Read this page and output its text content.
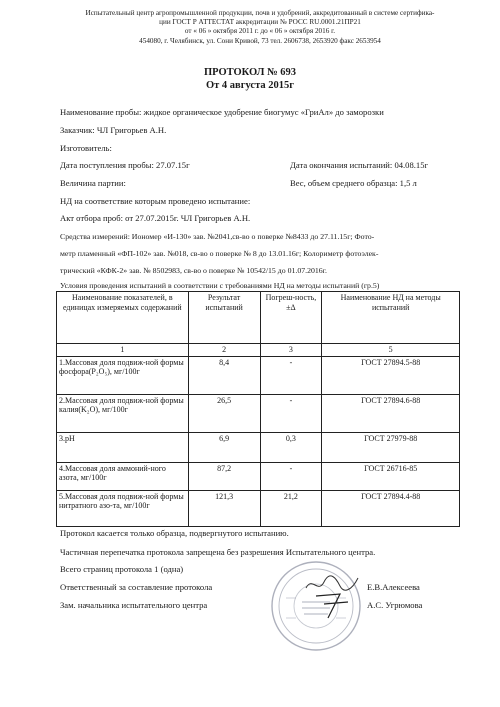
Испытательный центр агропромышленной продукции, почв и удобрений, аккредитованный в системе сертифика-
ции ГОСТ Р АТТЕСТАТ аккредитации № РОСС RU.0001.21ПР21
от « 06 » октября 2011 г. до « 06 » октября 2016 г.
454080, г. Челябинск, ул. Сони Кривой, 73 тел. 2606738, 2653920 факс 2653954
ПРОТОКОЛ № 693
От 4 августа 2015г
Наименование пробы: жидкое органическое удобрение биогумус «ГриАл» до заморозки
Заказчик: ЧЛ Григорьев А.Н.
Изготовитель:
Дата поступления пробы: 27.07.15г	Дата окончания испытаний: 04.08.15г
Величина партии:	Вес, объем среднего образца: 1,5 л
НД на соответствие которым проведено испытание:
Акт отбора проб: от 27.07.2015г. ЧЛ Григорьев А.Н.
Средства измерений: Иономер «И-130» зав. №2041,св-во о поверке №8433 до 27.11.15г; Фото-
метр пламенный «ФП-102» зав. №018, св-во о поверке № 8 до 13.01.16г; Колориметр фотоэлек-
трический «КФК-2» зав. № 8502983, св-во о поверке № 10542/15 до 01.07.2016г.
Условия проведения испытаний в соответствии с требованиями НД на методы испытаний (гр.5)
Наименование показателей, в единицах измеряемых содержаний	Результат испытаний	Погреш-ность, ±Δ	Наименование НД на методы испытаний
1	2	3	5
1.Массовая доля подвиж-ной формы фосфора(P₂O₅), мг/100г	8,4	-	ГОСТ 27894.5-88
2.Массовая доля подвиж-ной формы калия(K₂O), мг/100г	26,5	-	ГОСТ 27894.6-88
3.pH	6,9	0,3	ГОСТ 27979-88
4.Массовая доля аммоний-ного азота, мг/100г	87,2	-	ГОСТ 26716-85
5.Массовая доля подвиж-ной формы нитратного азо-та, мг/100г	121,3	21,2	ГОСТ 27894.4-88
Протокол касается только образца, подвергнутого испытанию.
Частичная перепечатка протокола запрещена без разрешения Испытательного центра.
Всего страниц протокола 1 (одна)
Ответственный за составление протокола	Е.В.Алексеева
Зам. начальника испытательного центра	А.С. Угрюмова
